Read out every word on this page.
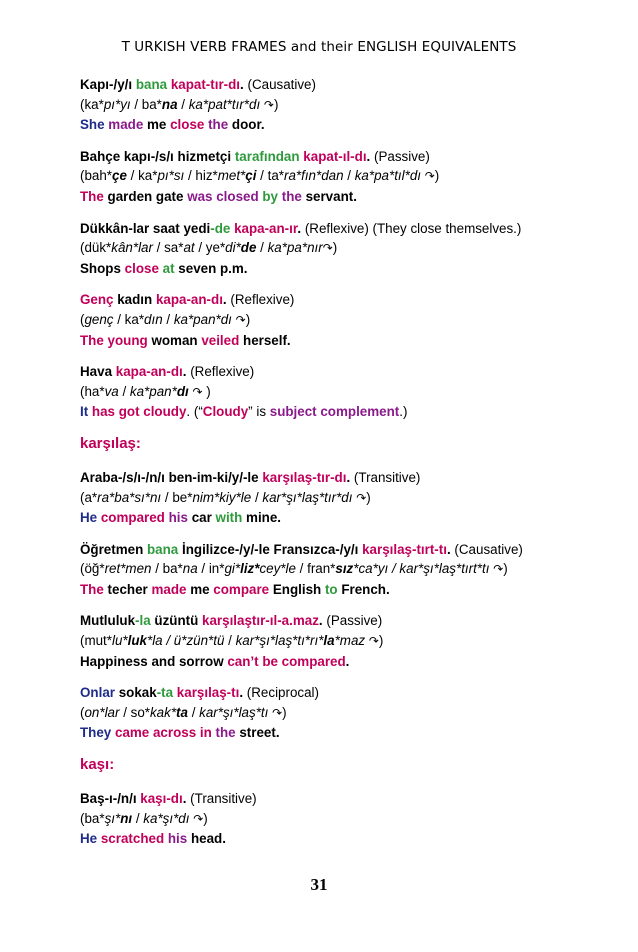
T URKISH VERB FRAMES and their ENGLISH EQUIVALENTS
Kapı-/y/ı bana kapat-tır-dı. (Causative)
(ka*pı*yı / ba*na / ka*pat*tır*dı ↷)
She made me close the door.
Bahçe kapı-/s/ı hizmetçi tarafından kapat-ıl-dı. (Passive)
(bah*çe / ka*pı*sı / hiz*met*çi / ta*ra*fın*dan / ka*pa*tıl*dı ↷)
The garden gate was closed by the servant.
Dükkân-lar saat yedi-de kapa-an-ır. (Reflexive) (They close themselves.)
(dük*kân*lar / sa*at / ye*di*de / ka*pa*nır↷)
Shops close at seven p.m.
Genç kadın kapa-an-dı. (Reflexive)
(genç / ka*dın / ka*pan*dı ↷)
The young woman veiled herself.
Hava kapa-an-dı. (Reflexive)
(ha*va / ka*pan*dı ↷ )
It has got cloudy. (“Cloudy” is subject complement.)
karşılaş:
Araba-/s/ı-/n/ı ben-im-ki/y/-le karşılaş-tır-dı. (Transitive)
(a*ra*ba*sı*nı / be*nim*kiy*le / kar*şı*laş*tır*dı ↷)
He compared his car with mine.
Öğretmen bana İngilizce-/y/-le Fransızca-/y/ı karşılaş-tırt-tı. (Causative)
(öğ*ret*men / ba*na / in*gi*liz*cey*le / fran*sız*ca*yı / kar*şı*laş*tırt*tı ↷)
The techer made me compare English to French.
Mutluluk-la üzüntü karşılaştır-ıl-a.maz. (Passive)
(mut*lu*luk*la / ü*zün*tü / kar*şı*laş*tı*rı*la*maz ↷)
Happiness and sorrow can’t be compared.
Onlar sokak-ta karşılaş-tı. (Reciprocal)
(on*lar / so*kak*ta / kar*şı*laş*tı ↷)
They came across in the street.
kaşı:
Baş-ı-/n/ı kaşı-dı. (Transitive)
(ba*şı*nı / ka*şı*dı ↷)
He scratched his head.
31
